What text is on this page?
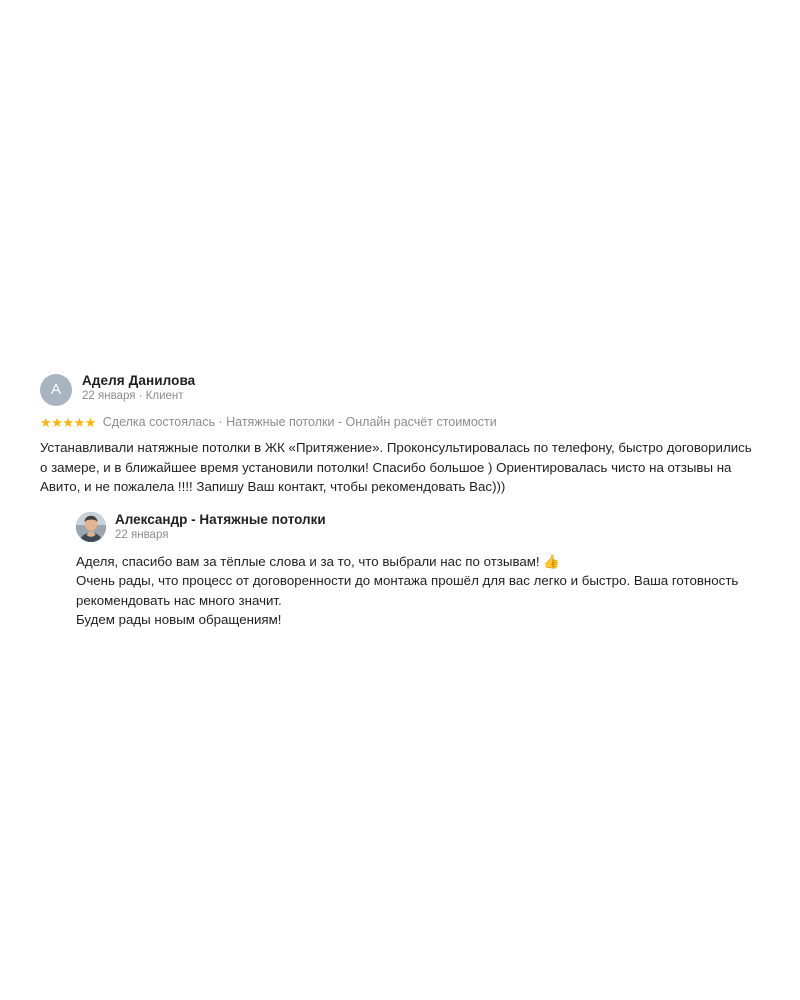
А
Аделя Данилова
22 января · Клиент
★★★★★ Сделка состоялась · Натяжные потолки - Онлайн расчёт стоимости
Устанавливали натяжные потолки в ЖК «Притяжение». Проконсультировалась по телефону, быстро договорились о замере, и в ближайшее время установили потолки! Спасибо большое ) Ориентировалась чисто на отзывы на Авито, и не пожалела !!!! Запишу Ваш контакт, чтобы рекомендовать Вас)))
Александр - Натяжные потолки
22 января

Аделя, спасибо вам за тёплые слова и за то, что выбрали нас по отзывам! 👍

Очень рады, что процесс от договоренности до монтажа прошёл для вас легко и быстро. Ваша готовность рекомендовать нас много значит.

Будем рады новым обращениям!
